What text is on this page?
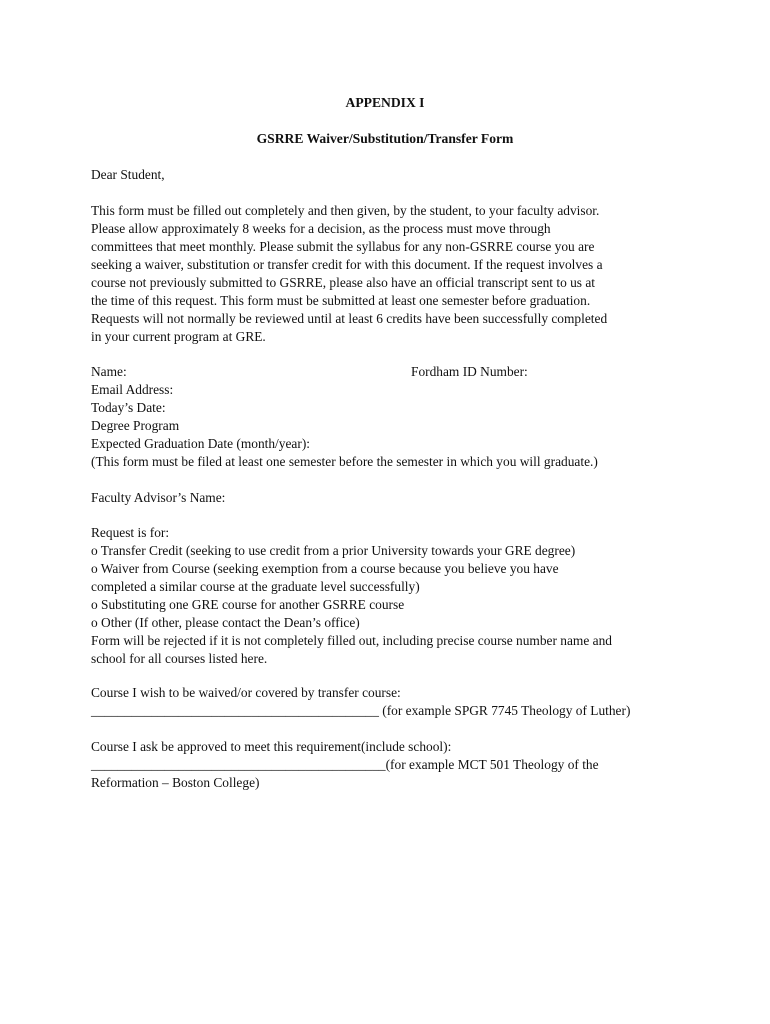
APPENDIX I
GSRRE Waiver/Substitution/Transfer Form
Dear Student,
This form must be filled out completely and then given, by the student, to your faculty advisor.
Please allow approximately 8 weeks for a decision, as the process must move through
committees that meet monthly. Please submit the syllabus for any non-GSRRE course you are
seeking a waiver, substitution or transfer credit for with this document. If the request involves a
course not previously submitted to GSRRE, please also have an official transcript sent to us at
the time of this request. This form must be submitted at least one semester before graduation.
Requests will not normally be reviewed until at least 6 credits have been successfully completed
in your current program at GRE.
Name:	Fordham ID Number:
Email Address:
Today’s Date:
Degree Program
Expected Graduation Date (month/year):
(This form must be filed at least one semester before the semester in which you will graduate.)
Faculty Advisor’s Name:
Request is for:
o Transfer Credit (seeking to use credit from a prior University towards your GRE degree)
o Waiver from Course (seeking exemption from a course because you believe you have
completed a similar course at the graduate level successfully)
o Substituting one GRE course for another GSRRE course
o Other (If other, please contact the Dean’s office)
Form will be rejected if it is not completely filled out, including precise course number name and
school for all courses listed here.
Course I wish to be waived/or covered by transfer course:
___________________________________________ (for example SPGR 7745 Theology of Luther)
Course I ask be approved to meet this requirement(include school):
____________________________________________(for example MCT 501 Theology of the
Reformation – Boston College)
